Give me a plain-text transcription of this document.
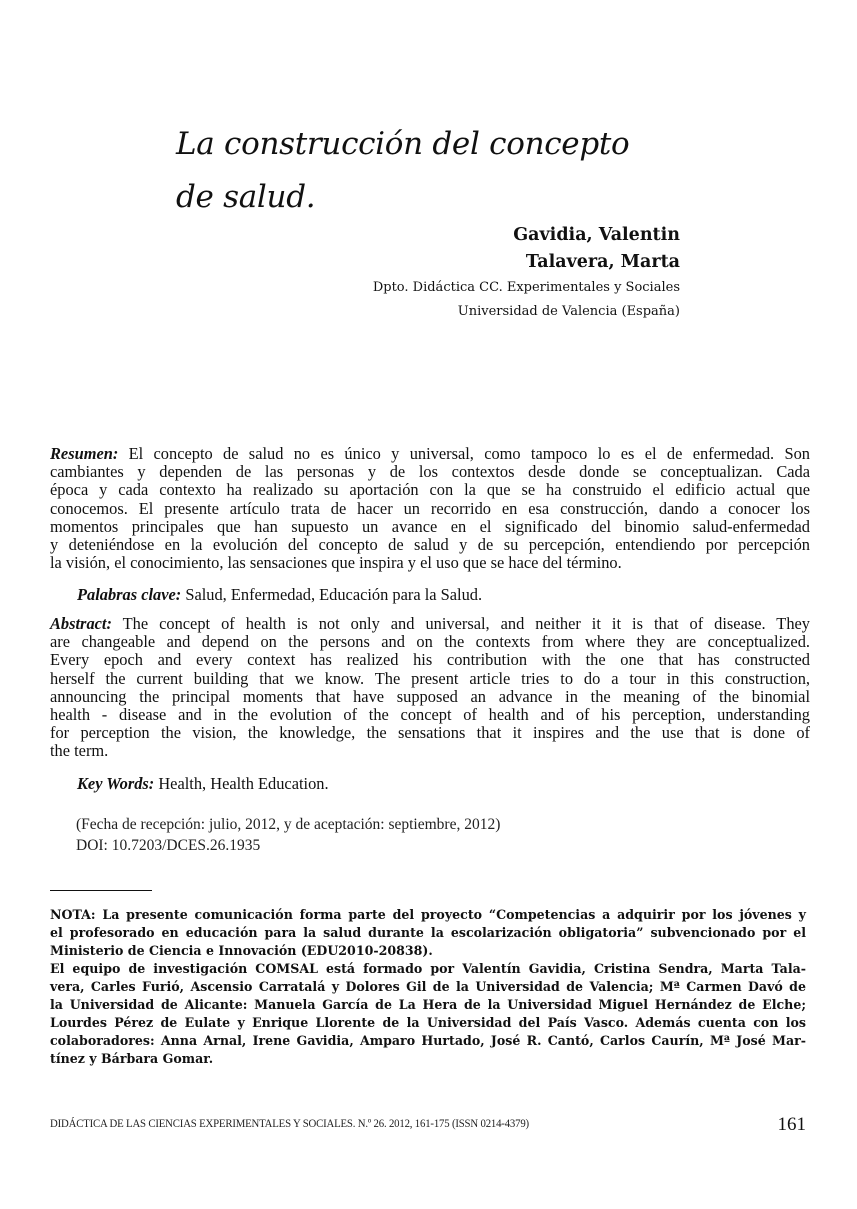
La construcción del concepto
de salud.
Gavidia, Valentin
Talavera, Marta
Dpto. Didáctica CC. Experimentales y Sociales
Universidad de Valencia (España)
Resumen: El concepto de salud no es único y universal, como tampoco lo es el de enfermedad. Son
cambiantes y dependen de las personas y de los contextos desde donde se conceptualizan. Cada
época y cada contexto ha realizado su aportación con la que se ha construido el edificio actual que
conocemos. El presente artículo trata de hacer un recorrido en esa construcción, dando a conocer los
momentos principales que han supuesto un avance en el significado del binomio salud-enfermedad
y deteniéndose en la evolución del concepto de salud y de su percepción, entendiendo por percepción
la visión, el conocimiento, las sensaciones que inspira y el uso que se hace del término.
Palabras clave: Salud, Enfermedad, Educación para la Salud.
Abstract: The concept of health is not only and universal, and neither it it is that of disease. They
are changeable and depend on the persons and on the contexts from where they are conceptualized.
Every epoch and every context has realized his contribution with the one that has constructed
herself the current building that we know. The present article tries to do a tour in this construction,
announcing the principal moments that have supposed an advance in the meaning of the binomial
health - disease and in the evolution of the concept of health and of his perception, understanding
for perception the vision, the knowledge, the sensations that it inspires and the use that is done of
the term.
Key Words: Health, Health Education.
(Fecha de recepción: julio, 2012, y de aceptación: septiembre, 2012)
DOI: 10.7203/DCES.26.1935
NOTA: La presente comunicación forma parte del proyecto “Competencias a adquirir por los jóvenes y
el profesorado en educación para la salud durante la escolarización obligatoria” subvencionado por el
Ministerio de Ciencia e Innovación (EDU2010-20838).
El equipo de investigación COMSAL está formado por Valentín Gavidia, Cristina Sendra, Marta Tala-
vera, Carles Furió, Ascensio Carratalá y Dolores Gil de la Universidad de Valencia; Mª Carmen Davó de
la Universidad de Alicante: Manuela García de La Hera de la Universidad Miguel Hernández de Elche;
Lourdes Pérez de Eulate y Enrique Llorente de la Universidad del País Vasco. Además cuenta con los
colaboradores: Anna Arnal, Irene Gavidia, Amparo Hurtado, José R. Cantó, Carlos Caurín, Mª José Mar-
tínez y Bárbara Gomar.
DIDÁCTICA DE LAS CIENCIAS EXPERIMENTALES Y SOCIALES. N.º 26. 2012, 161-175 (ISSN 0214-4379)	161
